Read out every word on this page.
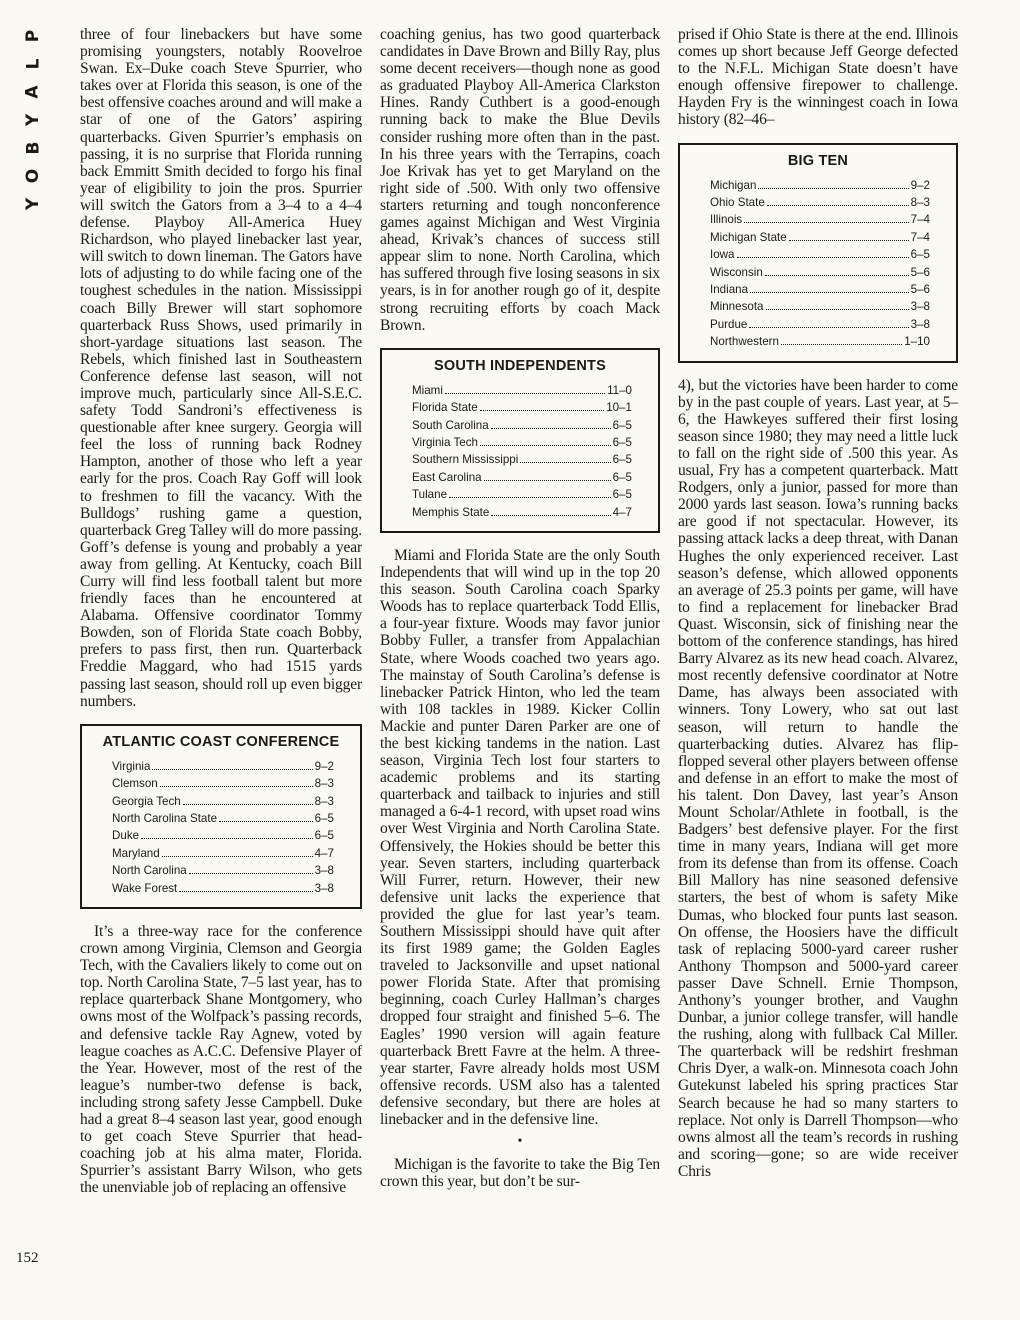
P
L
A
Y
B
O
Y
152

three of four linebackers but have some promising youngsters, notably Roovelroe Swan. Ex–Duke coach Steve Spurrier, who takes over at Florida this season, is one of the best offensive coaches around and will make a star of one of the Gators’ aspiring quarterbacks. Given Spurrier’s emphasis on passing, it is no surprise that Florida running back Emmitt Smith decided to forgo his final year of eligibility to join the pros. Spurrier will switch the Gators from a 3–4 to a 4–4 defense. Playboy All-America Huey Richardson, who played linebacker last year, will switch to down lineman. The Gators have lots of adjusting to do while facing one of the toughest schedules in the nation. Mississippi coach Billy Brewer will start sophomore quarterback Russ Shows, used primarily in short-yardage situations last season. The Rebels, which finished last in Southeastern Conference defense last season, will not improve much, particularly since All-S.E.C. safety Todd Sandroni’s effectiveness is questionable after knee surgery. Georgia will feel the loss of running back Rodney Hampton, another of those who left a year early for the pros. Coach Ray Goff will look to freshmen to fill the vacancy. With the Bulldogs’ rushing game a question, quarterback Greg Talley will do more passing. Goff’s defense is young and probably a year away from gelling. At Kentucky, coach Bill Curry will find less football talent but more friendly faces than he encountered at Alabama. Offensive coordinator Tommy Bowden, son of Florida State coach Bobby, prefers to pass first, then run. Quarterback Freddie Maggard, who had 1515 yards passing last season, should roll up even bigger numbers.

ATLANTIC COAST CONFERENCE
Virginia	9–2
Clemson	8–3
Georgia Tech	8–3
North Carolina State	6–5
Duke	6–5
Maryland	4–7
North Carolina	3–8
Wake Forest	3–8

It’s a three-way race for the conference crown among Virginia, Clemson and Georgia Tech, with the Cavaliers likely to come out on top. North Carolina State, 7–5 last year, has to replace quarterback Shane Montgomery, who owns most of the Wolfpack’s passing records, and defensive tackle Ray Agnew, voted by league coaches as A.C.C. Defensive Player of the Year. However, most of the rest of the league’s number-two defense is back, including strong safety Jesse Campbell. Duke had a great 8–4 season last year, good enough to get coach Steve Spurrier that head-coaching job at his alma mater, Florida. Spurrier’s assistant Barry Wilson, who gets the unenviable job of replacing an offensive

coaching genius, has two good quarterback candidates in Dave Brown and Billy Ray, plus some decent receivers—though none as good as graduated Playboy All-America Clarkston Hines. Randy Cuthbert is a good-enough running back to make the Blue Devils consider rushing more often than in the past. In his three years with the Terrapins, coach Joe Krivak has yet to get Maryland on the right side of .500. With only two offensive starters returning and tough nonconference games against Michigan and West Virginia ahead, Krivak’s chances of success still appear slim to none. North Carolina, which has suffered through five losing seasons in six years, is in for another rough go of it, despite strong recruiting efforts by coach Mack Brown.

SOUTH INDEPENDENTS
Miami	11–0
Florida State	10–1
South Carolina	6–5
Virginia Tech	6–5
Southern Mississippi	6–5
East Carolina	6–5
Tulane	6–5
Memphis State	4–7

Miami and Florida State are the only South Independents that will wind up in the top 20 this season. South Carolina coach Sparky Woods has to replace quarterback Todd Ellis, a four-year fixture. Woods may favor junior Bobby Fuller, a transfer from Appalachian State, where Woods coached two years ago. The mainstay of South Carolina’s defense is linebacker Patrick Hinton, who led the team with 108 tackles in 1989. Kicker Collin Mackie and punter Daren Parker are one of the best kicking tandems in the nation. Last season, Virginia Tech lost four starters to academic problems and its starting quarterback and tailback to injuries and still managed a 6-4-1 record, with upset road wins over West Virginia and North Carolina State. Offensively, the Hokies should be better this year. Seven starters, including quarterback Will Furrer, return. However, their new defensive unit lacks the experience that provided the glue for last year’s team. Southern Mississippi should have quit after its first 1989 game; the Golden Eagles traveled to Jacksonville and upset national power Florida State. After that promising beginning, coach Curley Hallman’s charges dropped four straight and finished 5–6. The Eagles’ 1990 version will again feature quarterback Brett Favre at the helm. A three-year starter, Favre already holds most USM offensive records. USM also has a talented defensive secondary, but there are holes at linebacker and in the defensive line.

•

Michigan is the favorite to take the Big Ten crown this year, but don’t be sur-

prised if Ohio State is there at the end. Illinois comes up short because Jeff George defected to the N.F.L. Michigan State doesn’t have enough offensive firepower to challenge. Hayden Fry is the winningest coach in Iowa history (82–46–

BIG TEN
Michigan	9–2
Ohio State	8–3
Illinois	7–4
Michigan State	7–4
Iowa	6–5
Wisconsin	5–6
Indiana	5–6
Minnesota	3–8
Purdue	3–8
Northwestern	1–10

4), but the victories have been harder to come by in the past couple of years. Last year, at 5–6, the Hawkeyes suffered their first losing season since 1980; they may need a little luck to fall on the right side of .500 this year. As usual, Fry has a competent quarterback. Matt Rodgers, only a junior, passed for more than 2000 yards last season. Iowa’s running backs are good if not spectacular. However, its passing attack lacks a deep threat, with Danan Hughes the only experienced receiver. Last season’s defense, which allowed opponents an average of 25.3 points per game, will have to find a replacement for linebacker Brad Quast. Wisconsin, sick of finishing near the bottom of the conference standings, has hired Barry Alvarez as its new head coach. Alvarez, most recently defensive coordinator at Notre Dame, has always been associated with winners. Tony Lowery, who sat out last season, will return to handle the quarterbacking duties. Alvarez has flip-flopped several other players between offense and defense in an effort to make the most of his talent. Don Davey, last year’s Anson Mount Scholar/Athlete in football, is the Badgers’ best defensive player. For the first time in many years, Indiana will get more from its defense than from its offense. Coach Bill Mallory has nine seasoned defensive starters, the best of whom is safety Mike Dumas, who blocked four punts last season. On offense, the Hoosiers have the difficult task of replacing 5000-yard career rusher Anthony Thompson and 5000-yard career passer Dave Schnell. Ernie Thompson, Anthony’s younger brother, and Vaughn Dunbar, a junior college transfer, will handle the rushing, along with fullback Cal Miller. The quarterback will be redshirt freshman Chris Dyer, a walk-on. Minnesota coach John Gutekunst labeled his spring practices Star Search because he had so many starters to replace. Not only is Darrell Thompson—who owns almost all the team’s records in rushing and scoring—gone; so are wide receiver Chris
